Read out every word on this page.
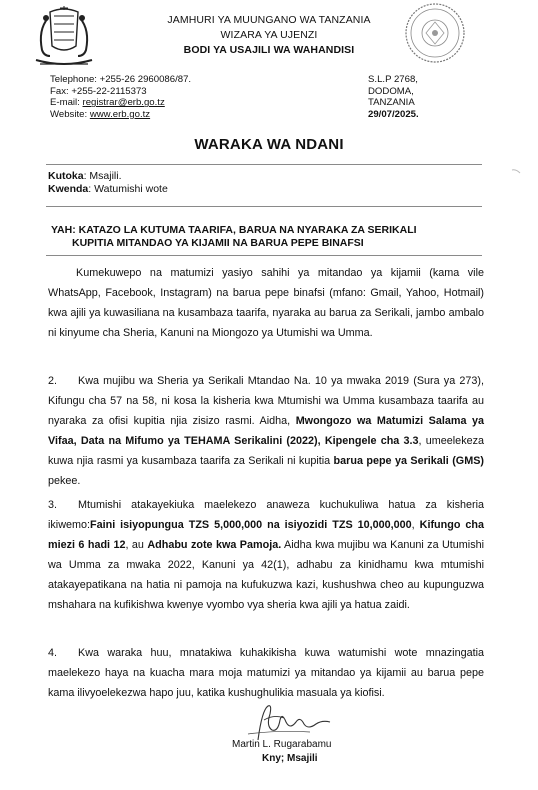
JAMHURI YA MUUNGANO WA TANZANIA
WIZARA YA UJENZI
BODI YA USAJILI WA WAHANDISI
Telephone: +255-26 2960086/87.
Fax: +255-22-2115373
E-mail: registrar@erb.go.tz
Website: www.erb.go.tz
S.L.P 2768,
DODOMA,
TANZANIA
29/07/2025.
WARAKA WA NDANI
Kutoka: Msajili.
Kwenda: Watumishi wote
YAH: KATAZO LA KUTUMA TAARIFA, BARUA NA NYARAKA ZA SERIKALI
KUPITIA MITANDAO YA KIJAMII NA BARUA PEPE BINAFSI
Kumekuwepo na matumizi yasiyo sahihi ya mitandao ya kijamii (kama vile WhatsApp, Facebook, Instagram) na barua pepe binafsi (mfano: Gmail, Yahoo, Hotmail) kwa ajili ya kuwasiliana na kusambaza taarifa, nyaraka au barua za Serikali, jambo ambalo ni kinyume cha Sheria, Kanuni na Miongozo ya Utumishi wa Umma.
2. Kwa mujibu wa Sheria ya Serikali Mtandao Na. 10 ya mwaka 2019 (Sura ya 273), Kifungu cha 57 na 58, ni kosa la kisheria kwa Mtumishi wa Umma kusambaza taarifa au nyaraka za ofisi kupitia njia zisizo rasmi. Aidha, Mwongozo wa Matumizi Salama ya Vifaa, Data na Mifumo ya TEHAMA Serikalini (2022), Kipengele cha 3.3, umeelekeza kuwa njia rasmi ya kusambaza taarifa za Serikali ni kupitia barua pepe ya Serikali (GMS) pekee.
3. Mtumishi atakayekiuka maelekezo anaweza kuchukuliwa hatua za kisheria ikiwemo:Faini isiyopungua TZS 5,000,000 na isiyozidi TZS 10,000,000, Kifungo cha miezi 6 hadi 12, au Adhabu zote kwa Pamoja. Aidha kwa mujibu wa Kanuni za Utumishi wa Umma za mwaka 2022, Kanuni ya 42(1), adhabu za kinidhamu kwa mtumishi atakayepatikana na hatia ni pamoja na kufukuzwa kazi, kushushwa cheo au kupunguzwa mshahara na kufikishwa kwenye vyombo vya sheria kwa ajili ya hatua zaidi.
4. Kwa waraka huu, mnatakiwa kuhakikisha kuwa watumishi wote mnazingatia maelekezo haya na kuacha mara moja matumizi ya mitandao ya kijamii au barua pepe kama ilivyoelekezwa hapo juu, katika kushughulikia masuala ya kiofisi.
Martin L. Rugarabamu
Kny; Msajili
